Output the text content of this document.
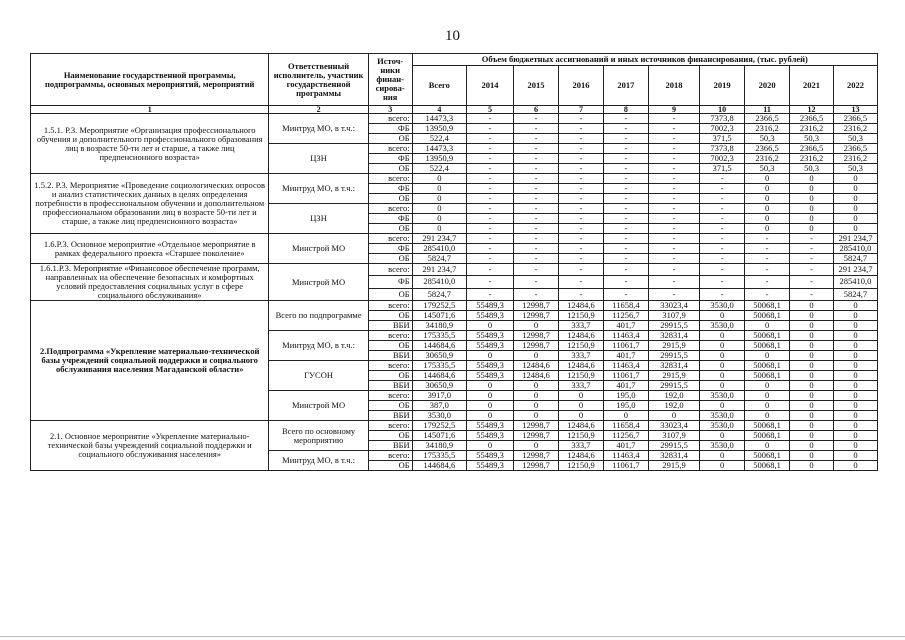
10
Наименование государственной программы, подпрограммы, основных мероприятий, мероприятий	Ответственный исполнитель, участник государственной программы	Источ-ники финан-сирова-ния	Объем бюджетных ассигнований и иных источников финансирования, (тыс. рублей)									
			Всего	2014	2015	2016	2017	2018	2019	2020	2021	2022
1	2	3	4	5	6	7	8	9	10	11	12	13
1.5.1. Р.3. Мероприятие «Организация профессионального обучения и дополнительного профессионального образования лиц в возрасте 50-ти лет и старше, а также лиц предпенсионного возраста»	Минтруд МО, в т.ч.:	всего:	14473,3	-	-	-	-	-	7373,8	2366,5	2366,5	2366,5
		ФБ	13950,9	-	-	-	-	-	7002,3	2316,2	2316,2	2316,2
		ОБ	522,4	-	-	-	-	-	371,5	50,3	50,3	50,3
	ЦЗН	всего:	14473,3	-	-	-	-	-	7373,8	2366,5	2366,5	2366,5
		ФБ	13950,9	-	-	-	-	-	7002,3	2316,2	2316,2	2316,2
		ОБ	522,4	-	-	-	-	-	371,5	50,3	50,3	50,3
1.5.2. Р.3. Мероприятие «Проведение социологических опросов и анализ статистических данных в целях определения потребности в профессиональном обучении и дополнительном профессиональном образовании лиц в возрасте 50-ти лет и старше, а также лиц предпенсионного возраста»	Минтруд МО, в т.ч.:	всего:	0	-	-	-	-	-	-	0	0	0
		ФБ	0	-	-	-	-	-	-	0	0	0
		ОБ	0	-	-	-	-	-	-	0	0	0
	ЦЗН	всего:	0	-	-	-	-	-	-	0	0	0
		ФБ	0	-	-	-	-	-	-	0	0	0
		ОБ	0	-	-	-	-	-	-	0	0	0
1.6.Р.3. Основное мероприятие «Отдельное мероприятие в рамках федерального проекта «Старшее поколение»	Минстрой МО	всего:	291 234,7	-	-	-	-	-	-	-	-	291 234,7
		ФБ	285410,0	-	-	-	-	-	-	-	-	285410,0
		ОБ	5824,7	-	-	-	-	-	-	-	-	5824,7
1.6.1.Р.3. Мероприятие «Финансовое обеспечение программ, направленных на обеспечение безопасных и комфортных условий предоставления социальных услуг в сфере социального обслуживания»	Минстрой МО	всего:	291 234,7	-	-	-	-	-	-	-	-	291 234,7
		ФБ	285410,0	-	-	-	-	-	-	-	-	285410,0
		ОБ	5824,7	-	-	-	-	-	-	-	-	5824,7
2.Подпрограмма «Укрепление материально-технической базы учреждений социальной поддержки и социального обслуживания населения Магаданской области»	Всего по подпрограмме	всего:	179252,5	55489,3	12998,7	12484,6	11658,4	33023,4	3530,0	50068,1	0	0
		ОБ	145071,6	55489,3	12998,7	12150,9	11256,7	3107,9	0	50068,1	0	0
		ВБИ	34180,9	0	0	333,7	401,7	29915,5	3530,0	0	0	0
	Минтруд МО, в т.ч.:	всего:	175335,5	55489,3	12998,7	12484,6	11463,4	32831,4	0	50068,1	0	0
		ОБ	144684,6	55489,3	12998,7	12150,9	11061,7	2915,9	0	50068,1	0	0
		ВБИ	30650,9	0	0	333,7	401,7	29915,5	0	0	0	0
	ГУСОН	всего:	175335,5	55489,3	12484,6	12484,6	11463,4	32831,4	0	50068,1	0	0
		ОБ	144684,6	55489,3	12484,6	12150,9	11061,7	2915,9	0	50068,1	0	0
		ВБИ	30650,9	0	0	333,7	401,7	29915,5	0	0	0	0
	Минстрой МО	всего:	3917,0	0	0	0	195,0	192,0	3530,0	0	0	0
		ОБ	387,0	0	0	0	195,0	192,0	0	0	0	0
		ВБИ	3530,0	0	0	0	0	0	3530,0	0	0	0
2.1. Основное мероприятие «Укрепление материально-технической базы учреждений социальной поддержки и социального обслуживания населения»	Всего по основному мероприятию	всего:	179252,5	55489,3	12998,7	12484,6	11658,4	33023,4	3530,0	50068,1	0	0
		ОБ	145071,6	55489,3	12998,7	12150,9	11256,7	3107,9	0	50068,1	0	0
		ВБИ	34180,9	0	0	333,7	401,7	29915,5	3530,0	0	0	0
	Минтруд МО, в т.ч.:	всего:	175335,5	55489,3	12998,7	12484,6	11463,4	32831,4	0	50068,1	0	0
		ОБ	144684,6	55489,3	12998,7	12150,9	11061,7	2915,9	0	50068,1	0	0
